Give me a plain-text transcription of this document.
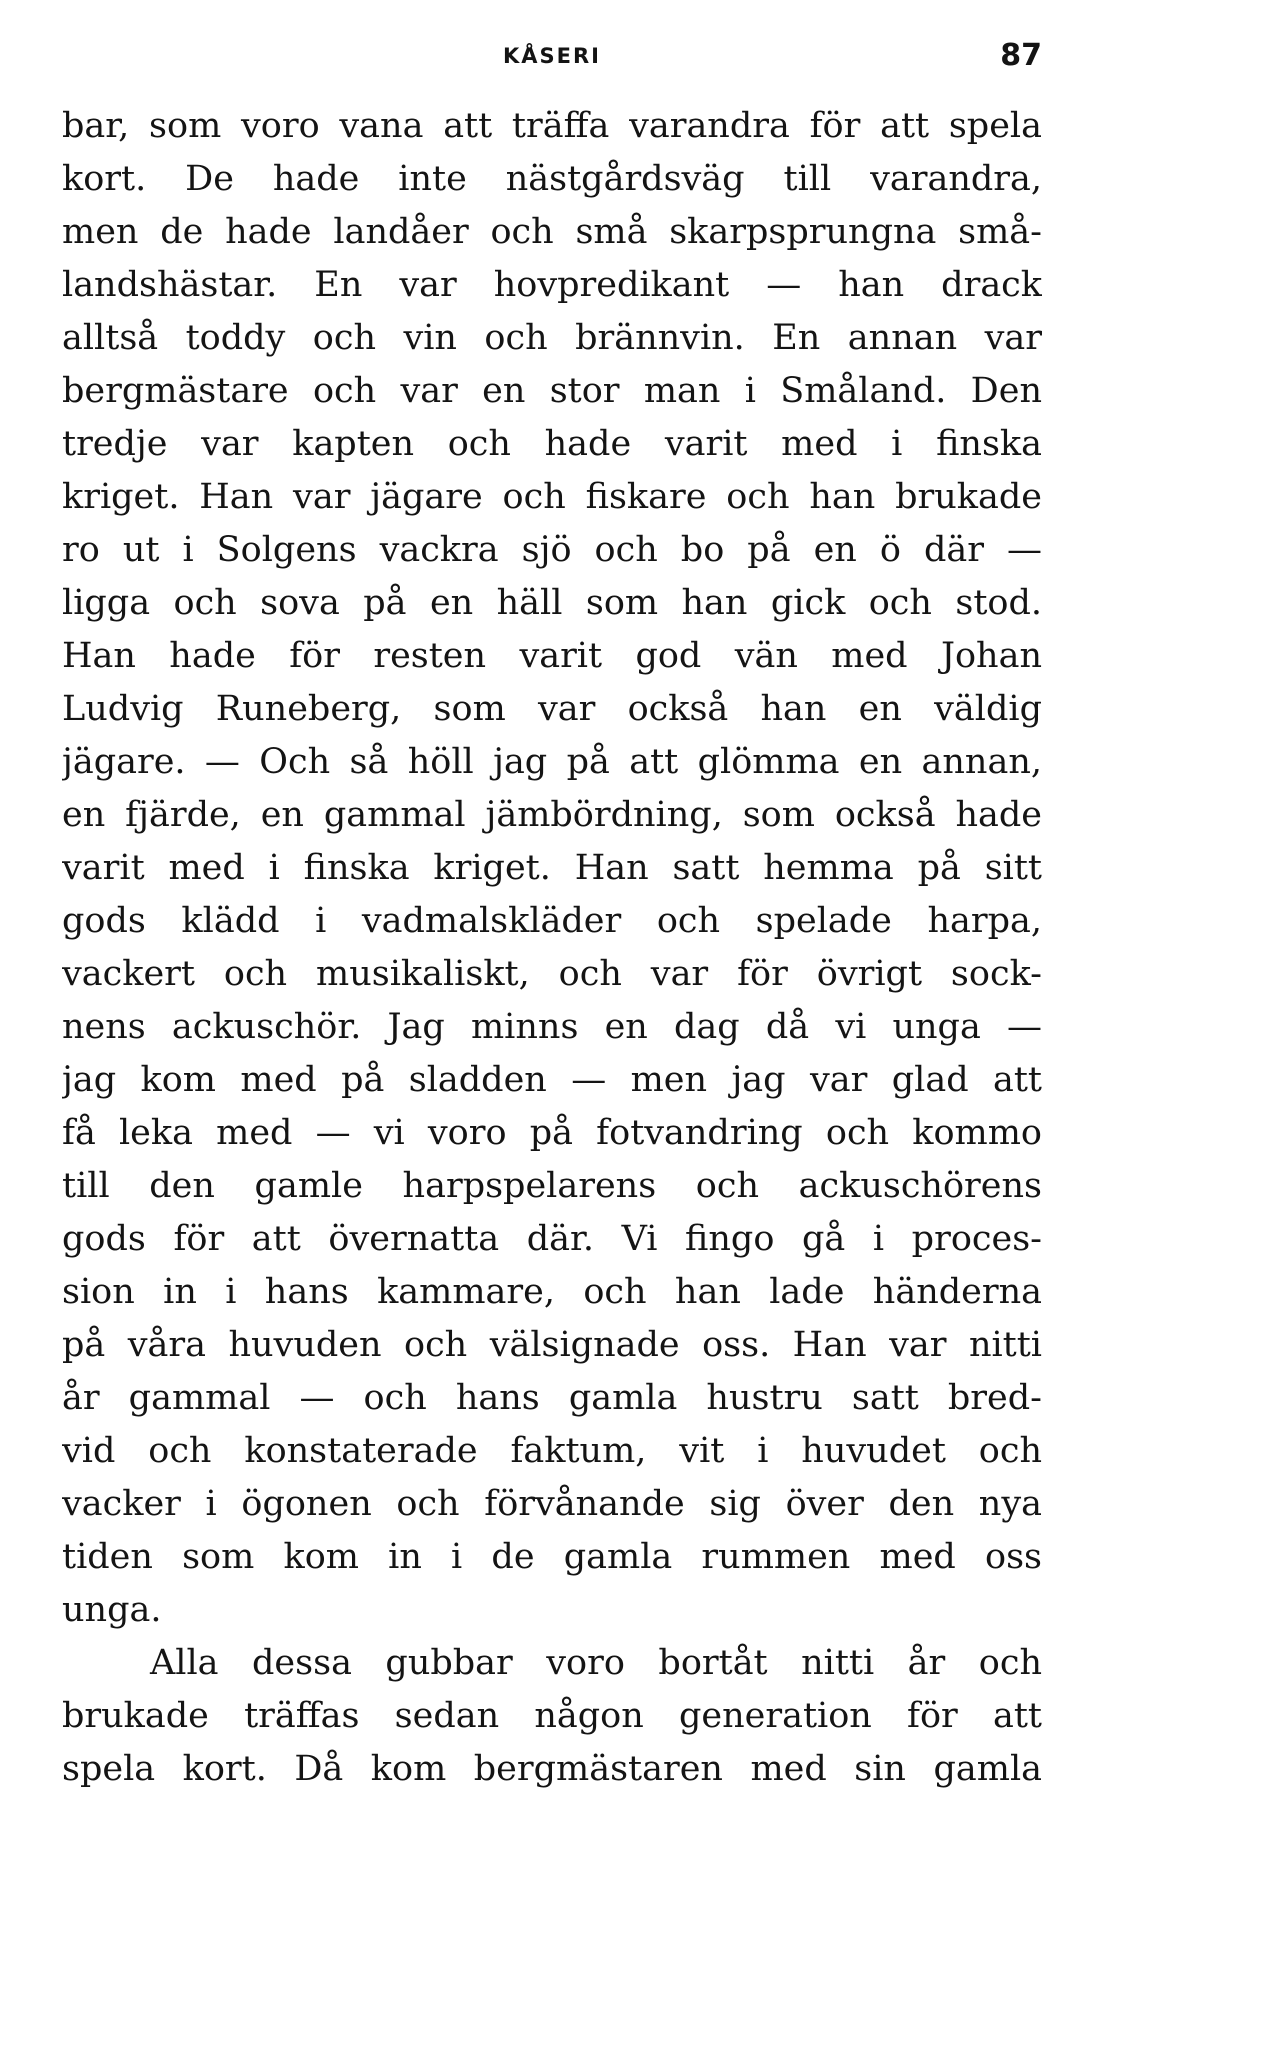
KÅSERI	87
bar, som voro vana att träffa varandra för att spela
kort. De hade inte nästgårdsväg till varandra,
men de hade landåer och små skarpsprungna små-
landshästar. En var hovpredikant — han drack
alltså toddy och vin och brännvin. En annan var
bergmästare och var en stor man i Småland. Den
tredje var kapten och hade varit med i finska
kriget. Han var jägare och fiskare och han brukade
ro ut i Solgens vackra sjö och bo på en ö där —
ligga och sova på en häll som han gick och stod.
Han hade för resten varit god vän med Johan
Ludvig Runeberg, som var också han en väldig
jägare. — Och så höll jag på att glömma en annan,
en fjärde, en gammal jämbördning, som också hade
varit med i finska kriget. Han satt hemma på sitt
gods klädd i vadmalskläder och spelade harpa,
vackert och musikaliskt, och var för övrigt sock-
nens ackuschör. Jag minns en dag då vi unga —
jag kom med på sladden — men jag var glad att
få leka med — vi voro på fotvandring och kommo
till den gamle harpspelarens och ackuschörens
gods för att övernatta där. Vi fingo gå i proces-
sion in i hans kammare, och han lade händerna
på våra huvuden och välsignade oss. Han var nitti
år gammal — och hans gamla hustru satt bred-
vid och konstaterade faktum, vit i huvudet och
vacker i ögonen och förvånande sig över den nya
tiden som kom in i de gamla rummen med oss
unga.
Alla dessa gubbar voro bortåt nitti år och
brukade träffas sedan någon generation för att
spela kort. Då kom bergmästaren med sin gamla
